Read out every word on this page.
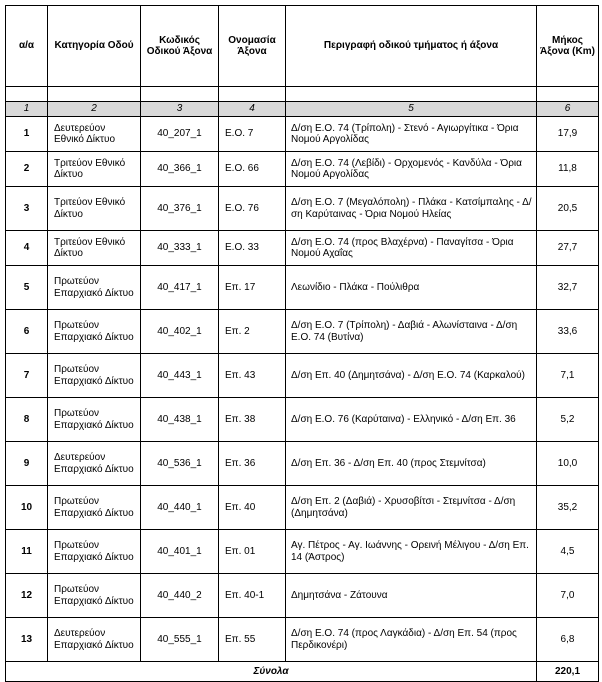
α/α	Κατηγορία Οδού	Κωδικός Οδικού Άξονα	Ονομασία Άξονα	Περιγραφή οδικού τμήματος ή άξονα	Μήκος Άξονα (Km)

1	2	3	4	5	6
1	Δευτερεύον Εθνικό Δίκτυο	40_207_1	Ε.Ο. 7	Δ/ση Ε.Ο. 74 (Τρίπολη) - Στενό - Αγιωργίτικα - Όρια Νομού Αργολίδας	17,9
2	Τριτεύον Εθνικό Δίκτυο	40_366_1	Ε.Ο. 66	Δ/ση Ε.Ο. 74 (Λεβίδι) - Ορχομενός - Κανδύλα - Όρια Νομού Αργολίδας	11,8
3	Τριτεύον Εθνικό Δίκτυο	40_376_1	Ε.Ο. 76	Δ/ση Ε.Ο. 7 (Μεγαλόπολη) - Πλάκα - Κατσίμπαλης - Δ/ση Καρύταινας - Όρια Νομού Ηλείας	20,5
4	Τριτεύον Εθνικό Δίκτυο	40_333_1	Ε.Ο. 33	Δ/ση Ε.Ο. 74 (προς Βλαχέρνα) - Παναγίτσα - Όρια Νομού Αχαΐας	27,7
5	Πρωτεύον Επαρχιακό Δίκτυο	40_417_1	Επ. 17	Λεωνίδιο - Πλάκα - Πούλιθρα	32,7
6	Πρωτεύον Επαρχιακό Δίκτυο	40_402_1	Επ. 2	Δ/ση Ε.Ο. 7 (Τρίπολη) - Δαβιά - Αλωνίσταινα - Δ/ση Ε.Ο. 74 (Βυτίνα)	33,6
7	Πρωτεύον Επαρχιακό Δίκτυο	40_443_1	Επ. 43	Δ/ση Επ. 40 (Δημητσάνα) - Δ/ση Ε.Ο. 74 (Καρκαλού)	7,1
8	Πρωτεύον Επαρχιακό Δίκτυο	40_438_1	Επ. 38	Δ/ση Ε.Ο. 76 (Καρύταινα) - Ελληνικό - Δ/ση Επ. 36	5,2
9	Δευτερεύον Επαρχιακό Δίκτυο	40_536_1	Επ. 36	Δ/ση Επ. 36 - Δ/ση Επ. 40 (προς Στεμνίτσα)	10,0
10	Πρωτεύον Επαρχιακό Δίκτυο	40_440_1	Επ. 40	Δ/ση Επ. 2 (Δαβιά) - Χρυσοβίτσι - Στεμνίτσα - Δ/ση (Δημητσάνα)	35,2
11	Πρωτεύον Επαρχιακό Δίκτυο	40_401_1	Επ. 01	Αγ. Πέτρος - Αγ. Ιωάννης - Ορεινή Μέλιγου - Δ/ση Επ. 14 (Άστρος)	4,5
12	Πρωτεύον Επαρχιακό Δίκτυο	40_440_2	Επ. 40-1	Δημητσάνα - Ζάτουνα	7,0
13	Δευτερεύον Επαρχιακό Δίκτυο	40_555_1	Επ. 55	Δ/ση Ε.Ο. 74 (προς Λαγκάδια) - Δ/ση Επ. 54 (προς Περδικονέρι)	6,8
Σύνολα					220,1
